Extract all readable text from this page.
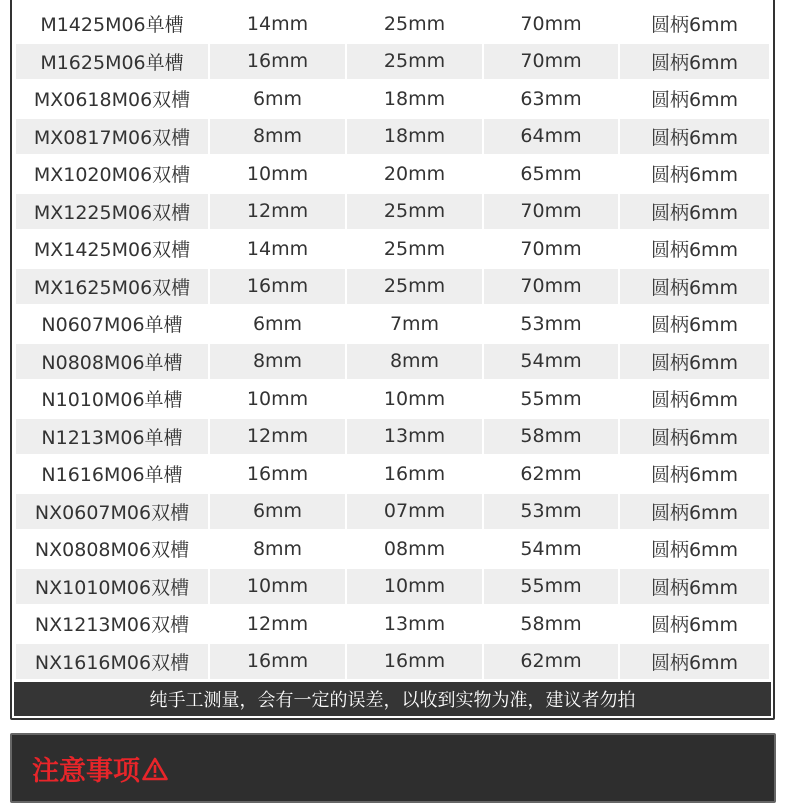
M1425M06单槽	14mm	25mm	70mm	圆柄6mm
M1625M06单槽	16mm	25mm	70mm	圆柄6mm
MX0618M06双槽	6mm	18mm	63mm	圆柄6mm
MX0817M06双槽	8mm	18mm	64mm	圆柄6mm
MX1020M06双槽	10mm	20mm	65mm	圆柄6mm
MX1225M06双槽	12mm	25mm	70mm	圆柄6mm
MX1425M06双槽	14mm	25mm	70mm	圆柄6mm
MX1625M06双槽	16mm	25mm	70mm	圆柄6mm
N0607M06单槽	6mm	7mm	53mm	圆柄6mm
N0808M06单槽	8mm	8mm	54mm	圆柄6mm
N1010M06单槽	10mm	10mm	55mm	圆柄6mm
N1213M06单槽	12mm	13mm	58mm	圆柄6mm
N1616M06单槽	16mm	16mm	62mm	圆柄6mm
NX0607M06双槽	6mm	07mm	53mm	圆柄6mm
NX0808M06双槽	8mm	08mm	54mm	圆柄6mm
NX1010M06双槽	10mm	10mm	55mm	圆柄6mm
NX1213M06双槽	12mm	13mm	58mm	圆柄6mm
NX1616M06双槽	16mm	16mm	62mm	圆柄6mm
纯手工测量，会有一定的误差，以收到实物为准，建议者勿拍
注意事项
